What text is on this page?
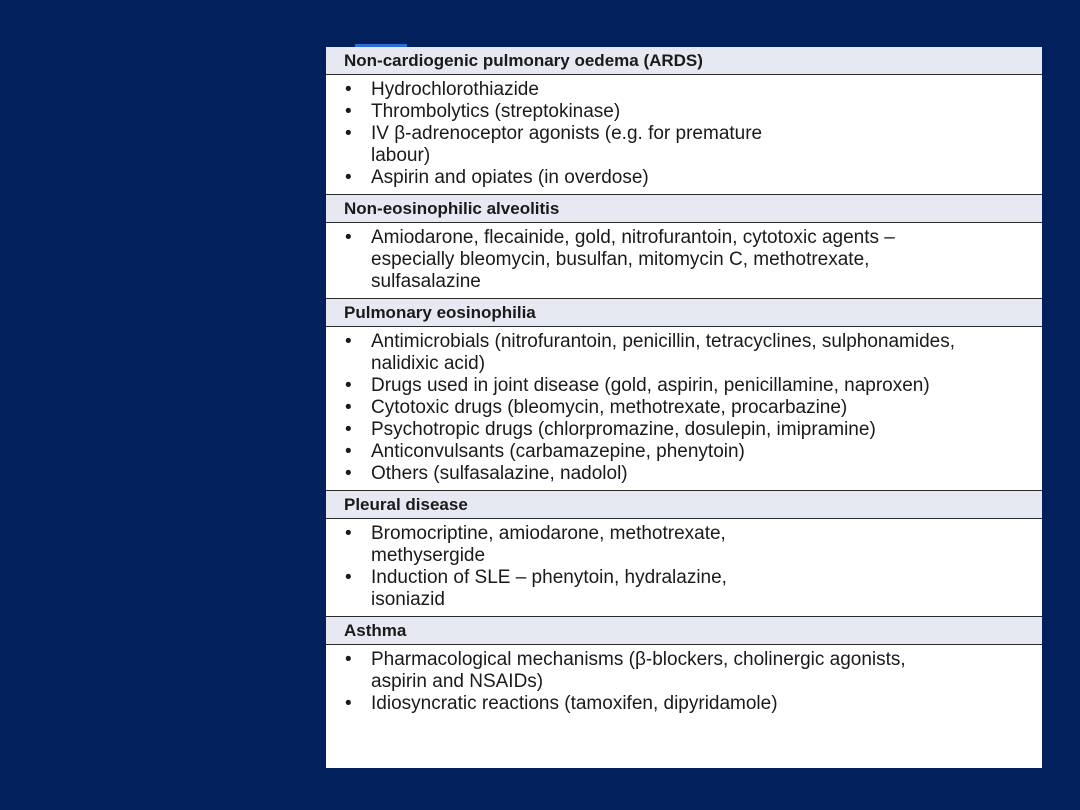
Non-cardiogenic pulmonary oedema (ARDS)
• Hydrochlorothiazide
• Thrombolytics (streptokinase)
• IV β-adrenoceptor agonists (e.g. for premature labour)
• Aspirin and opiates (in overdose)
Non-eosinophilic alveolitis
• Amiodarone, flecainide, gold, nitrofurantoin, cytotoxic agents – especially bleomycin, busulfan, mitomycin C, methotrexate, sulfasalazine
Pulmonary eosinophilia
• Antimicrobials (nitrofurantoin, penicillin, tetracyclines, sulphonamides, nalidixic acid)
• Drugs used in joint disease (gold, aspirin, penicillamine, naproxen)
• Cytotoxic drugs (bleomycin, methotrexate, procarbazine)
• Psychotropic drugs (chlorpromazine, dosulepin, imipramine)
• Anticonvulsants (carbamazepine, phenytoin)
• Others (sulfasalazine, nadolol)
Pleural disease
• Bromocriptine, amiodarone, methotrexate, methysergide
• Induction of SLE – phenytoin, hydralazine, isoniazid
Asthma
• Pharmacological mechanisms (β-blockers, cholinergic agonists, aspirin and NSAIDs)
• Idiosyncratic reactions (tamoxifen, dipyridamole)
